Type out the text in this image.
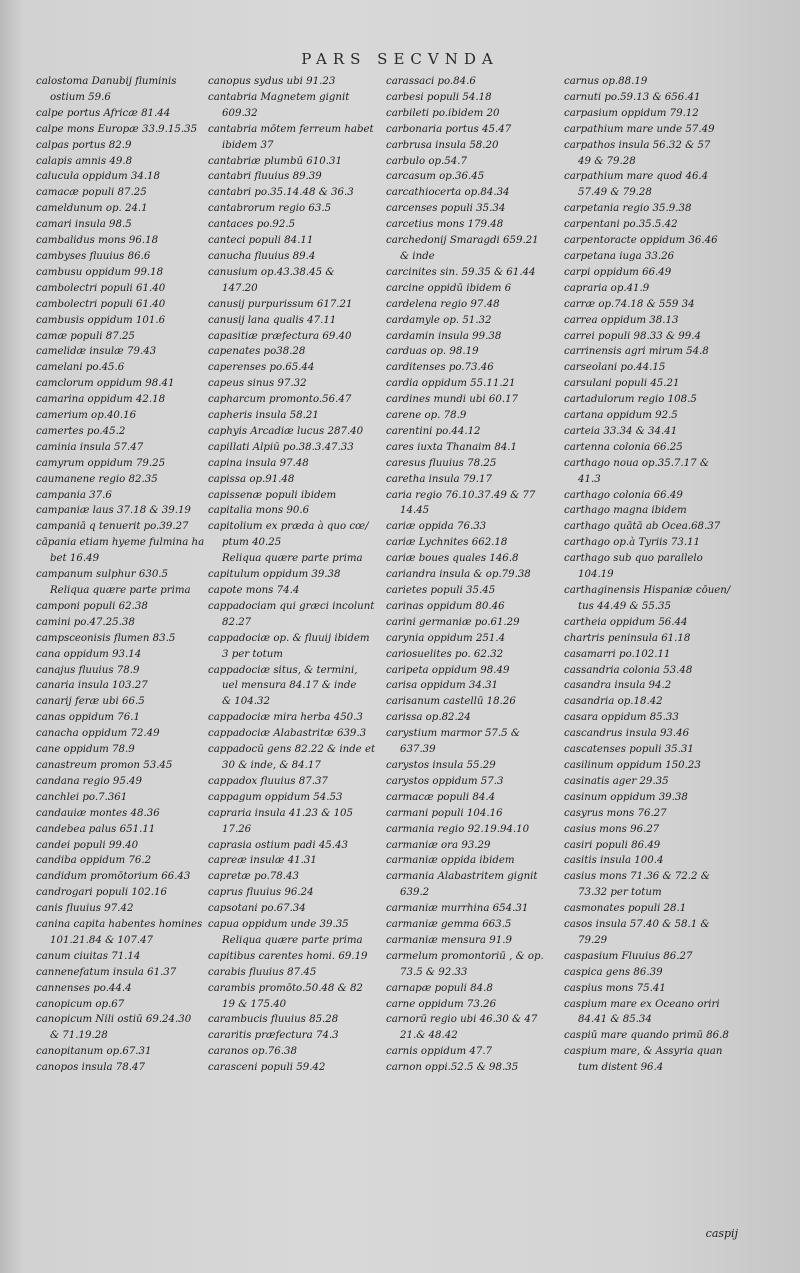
PARS SECVNDA
calostoma Danubij fluminis
ostium 59.6
calpe portus Africæ 81.44
calpe mons Europæ 33.9.15.35
calpas portus 82.9
calapis amnis 49.8
calucula oppidum 34.18
camacæ populi 87.25
cameldunum op. 24.1
camari insula 98.5
cambalidus mons 96.18
cambyses fluuius 86.6
cambusu oppidum 99.18
cambolectri populi 61.40
cambolectri populi 61.40
cambusis oppidum 101.6
camæ populi 87.25
camelidæ insulæ 79.43
camelani po.45.6
camclorum oppidum 98.41
camarina oppidum 42.18
camerium op.40.16
camertes po.45.2
caminia insula 57.47
camyrum oppidum 79.25
caumanene regio 82.35
campania 37.6
campaniæ laus 37.18 & 39.19
campaniā q tenuerit po.39.27
cāpania etiam hyeme fulmina ha
bet 16.49
campanum sulphur 630.5
Reliqua quære parte prima
camponi populi 62.38
camini po.47.25.38
campsceonisis flumen 83.5
cana oppidum 93.14
canajus fluuius 78.9
canaria insula 103.27
canarij feræ ubi 66.5
canas oppidum 76.1
canacha oppidum 72.49
cane oppidum 78.9
canastreum promon 53.45
candana regio 95.49
canchlei po.7.361
candauiæ montes 48.36
candebea palus 651.11
candei populi 99.40
candiba oppidum 76.2
candidum promōtorium 66.43
candrogari populi 102.16
canis fluuius 97.42
canina capita habentes homines
101.21.84 & 107.47
canum ciuitas 71.14
cannenefatum insula 61.37
cannenses po.44.4
canopicum op.67
canopicum Nili ostiū 69.24.30
& 71.19.28
canopitanum op.67.31
canopos insula 78.47
canopus sydus ubi 91.23
cantabria Magnetem gignit
609.32
cantabria mōtem ferreum habet
ibidem 37
cantabriæ plumbū 610.31
cantabri fluuius 89.39
cantabri po.35.14.48 & 36.3
cantabrorum regio 63.5
cantaces po.92.5
canteci populi 84.11
canucha fluuius 89.4
canusium op.43.38.45 &
147.20
canusij purpurissum 617.21
canusij lana qualis 47.11
capasitiæ præfectura 69.40
capenates po38.28
caperenses po.65.44
capeus sinus 97.32
capharcum promonto.56.47
capheris insula 58.21
caphyis Arcadiæ lucus 287.40
capillati Alpiū po.38.3.47.33
capina insula 97.48
capissa op.91.48
capissenæ populi ibidem
capitalia mons 90.6
capitolium ex præda à quo cœ/
ptum 40.25
Reliqua quære parte prima
capitulum oppidum 39.38
capote mons 74.4
cappadociam qui græci incolunt
82.27
cappadociæ op. & fluuij ibidem
3 per totum
cappadociæ situs, & termini,
uel mensura 84.17 & inde
& 104.32
cappadociæ mira herba 450.3
cappadociæ Alabastritæ 639.3
cappadocū gens 82.22 & inde et
30 & inde, & 84.17
cappadox fluuius 87.37
cappagum oppidum 54.53
capraria insula 41.23 & 105
17.26
caprasia ostium padi 45.43
capreæ insulæ 41.31
capretæ po.78.43
caprus fluuius 96.24
capsotani po.67.34
capua oppidum unde 39.35
Reliqua quære parte prima
capitibus carentes homi. 69.19
carabis fluuius 87.45
carambis promōto.50.48 & 82
19 & 175.40
carambucis fluuius 85.28
cararitis præfectura 74.3
caranos op.76.38
carasceni populi 59.42
carassaci po.84.6
carbesi populi 54.18
carbileti po.ibidem 20
carbonaria portus 45.47
carbrusa insula 58.20
carbulo op.54.7
carcasum op.36.45
carcathiocerta op.84.34
carcenses populi 35.34
carcetius mons 179.48
carchedonij Smaragdi 659.21
& inde
carcinites sin. 59.35 & 61.44
carcine oppidū ibidem 6
cardelena regio 97.48
cardamyle op. 51.32
cardamin insula 99.38
carduas op. 98.19
carditenses po.73.46
cardia oppidum 55.11.21
cardines mundi ubi 60.17
carene op. 78.9
carentini po.44.12
cares iuxta Thanaim 84.1
caresus fluuius 78.25
caretha insula 79.17
caria regio 76.10.37.49 & 77
14.45
cariæ oppida 76.33
cariæ Lychnites 662.18
cariæ boues quales 146.8
cariandra insula & op.79.38
carietes populi 35.45
carinas oppidum 80.46
carini germaniæ po.61.29
carynia oppidum 251.4
cariosuelites po. 62.32
caripeta oppidum 98.49
carisa oppidum 34.31
carisanum castellū 18.26
carissa op.82.24
carystium marmor 57.5 &
637.39
carystos insula 55.29
carystos oppidum 57.3
carmacæ populi 84.4
carmani populi 104.16
carmania regio 92.19.94.10
carmaniæ ora 93.29
carmaniæ oppida ibidem
carmania Alabastritem gignit
639.2
carmaniæ murrhina 654.31
carmaniæ gemma 663.5
carmaniæ mensura 91.9
carmelum promontoriū , & op.
73.5 & 92.33
carnapæ populi 84.8
carne oppidum 73.26
carnorū regio ubi 46.30 & 47
21.& 48.42
carnis oppidum 47.7
carnon oppi.52.5 & 98.35
carnus op.88.19
carnuti po.59.13 & 656.41
carpasium oppidum 79.12
carpathium mare unde 57.49
carpathos insula 56.32 & 57
49 & 79.28
carpathium mare quod 46.4
57.49 & 79.28
carpetania regio 35.9.38
carpentani po.35.5.42
carpentoracte oppidum 36.46
carpetana iuga 33.26
carpi oppidum 66.49
capraria op.41.9
carræ op.74.18 & 559 34
carrea oppidum 38.13
carrei populi 98.33 & 99.4
carrinensis agri mirum 54.8
carseolani po.44.15
carsulani populi 45.21
cartadulorum regio 108.5
cartana oppidum 92.5
carteia 33.34 & 34.41
cartenna colonia 66.25
carthago noua op.35.7.17 &
41.3
carthago colonia 66.49
carthago magna ibidem
carthago quātā ab Ocea.68.37
carthago op.à Tyriis 73.11
carthago sub quo parallelo
104.19
carthaginensis Hispaniæ cōuen/
tus 44.49 & 55.35
cartheia oppidum 56.44
chartris peninsula 61.18
casamarri po.102.11
cassandria colonia 53.48
casandra insula 94.2
casandria op.18.42
casara oppidum 85.33
cascandrus insula 93.46
cascatenses populi 35.31
casilinum oppidum 150.23
casinatis ager 29.35
casinum oppidum 39.38
casyrus mons 76.27
casius mons 96.27
casiri populi 86.49
casitis insula 100.4
casius mons 71.36 & 72.2 &
73.32 per totum
casmonates populi 28.1
casos insula 57.40 & 58.1 &
79.29
caspasium Fluuius 86.27
caspica gens 86.39
caspius mons 75.41
caspium mare ex Oceano oriri
84.41 & 85.34
caspiū mare quando primū 86.8
caspium mare, & Assyria quan
tum distent 96.4
caspij
